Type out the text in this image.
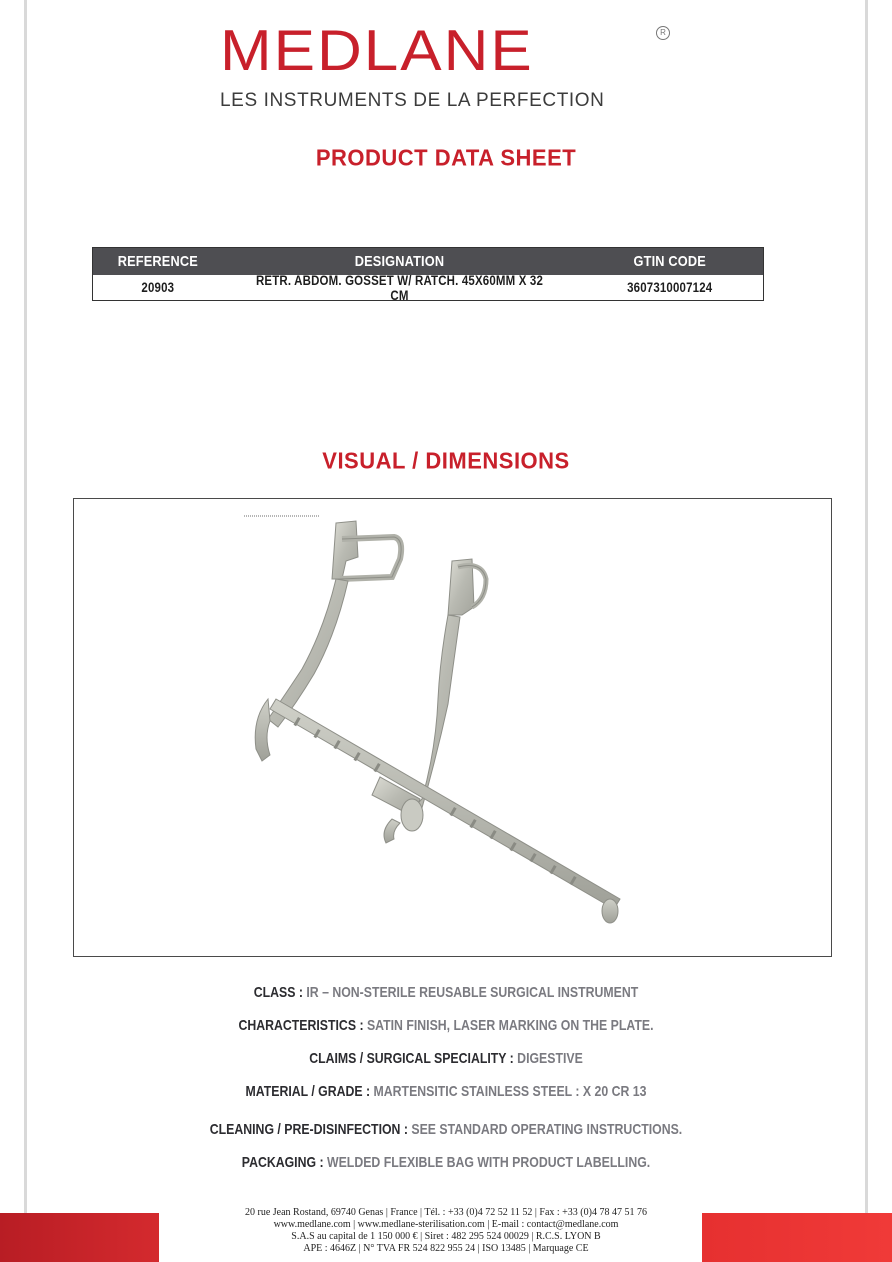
MEDLANE	R
LES INSTRUMENTS DE LA PERFECTION
PRODUCT DATA SHEET
REFERENCE	DESIGNATION	GTIN CODE
20903	RETR. ABDOM. GOSSET W/ RATCH. 45X60MM X 32 CM	3607310007124
VISUAL / DIMENSIONS
CLASS : IR – NON-STERILE REUSABLE SURGICAL INSTRUMENT
CHARACTERISTICS : SATIN FINISH, LASER MARKING ON THE PLATE.
CLAIMS / SURGICAL SPECIALITY : DIGESTIVE
MATERIAL / GRADE : MARTENSITIC STAINLESS STEEL : X 20 CR 13
CLEANING / PRE-DISINFECTION : SEE STANDARD OPERATING INSTRUCTIONS.
PACKAGING : WELDED FLEXIBLE BAG WITH PRODUCT LABELLING.
20 rue Jean Rostand, 69740 Genas | France | Tél. : +33 (0)4 72 52 11 52 | Fax : +33 (0)4 78 47 51 76
www.medlane.com | www.medlane-sterilisation.com | E-mail : contact@medlane.com
S.A.S au capital de 1 150 000 € | Siret : 482 295 524 00029 | R.C.S. LYON B
APE : 4646Z | N° TVA FR 524 822 955 24 | ISO 13485 | Marquage CE
